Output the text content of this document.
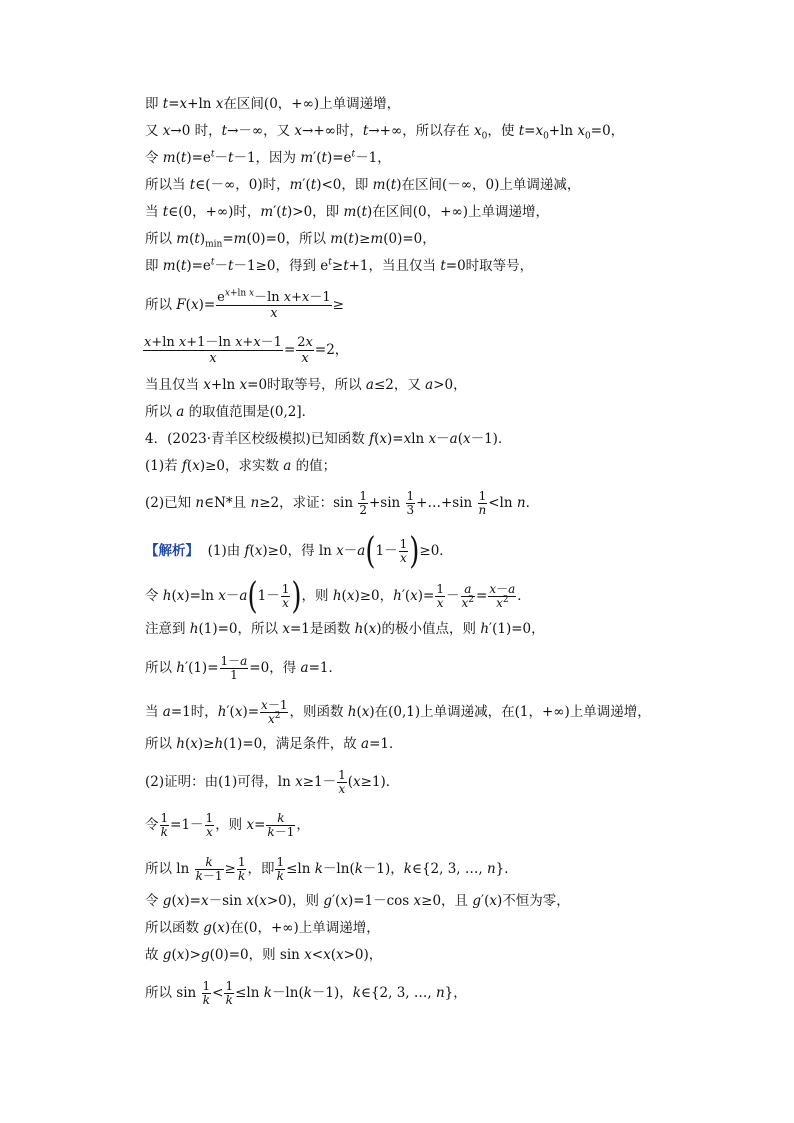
即 t=x+ln x在区间(0，+∞)上单调递增，
又 x→0 时，t→－∞，又 x→+∞时，t→+∞，所以存在 $x_0$，使 $t=x_0+\ln$ $x_0=0$，
令 $m(t)=e^t-t-1$，因为 $m'(t)=e^t-1$，
所以当 t∈(－∞，0)时，m′(t)<0，即 m(t)在区间(－∞，0)上单调递减，
当 t∈(0，+∞)时，m′(t)>0，即 m(t)在区间(0，+∞)上单调递增，
所以 $m(t)_{min}=m(0)=0$，所以 m(t)≥m(0)=0，
即 $m(t)=e^t-t-1\ge 0$，得到 $e^t\ge t+1$，当且仅当 t=0时取等号，
所以 $F(x)= \frac{e^{x+ln x}-\ln x+x-1}{x}$ ≥
$\frac{\text{x+ln x+1－ln x+x－1}}{x} = \frac{2x}{x} =2$，
当且仅当 x+ln x=0时取等号，所以 a≤2，又 a>0，
所以 a 的取值范围是(0,2]．
4．(2023·青羊区校级模拟)已知函数 f(x)=xln x－a(x－1)．
(1)若 f(x)≥0，求实数 a 的值；
(2)已知 n∈N*且 n≥2，求证：$\sin \frac{1}{2} +\sin \frac{1}{3}$ +…+sin $\frac{1}{n} <\ln$ n．
【解析】  (1)由 f(x)≥0，得 $\ln x-a(1- \frac{1}{x} )\ge 0$．
令 h(x)=ln $x-a(1- \frac{1}{x}$ )，则 h(x)≥0，$h'(x)= \frac{1}{x} - \frac{a}{x^2} = \frac{x-a}{x^2}$ ．
注意到 h(1)=0，所以 x=1是函数 h(x)的极小值点，则 h′(1)=0，
所以 $h'(1)= \frac{1-a}{1} =0$，得 a=1．
当 a=1时，$h'(x)= \frac{x-1}{x^2}$ ，则函数 h(x)在(0,1)上单调递减，在(1，+∞)上单调递增，
所以 h(x)≥h(1)=0，满足条件，故 a=1．
(2)证明：由(1)可得，$\ln x\ge 1- \frac{1}{x} (x\ge 1)$．
令 $\frac{1}{k} =1- \frac{1}{x}$ ，则 $x= \frac{k}{k-1}$ ，
所以 $\ln \frac{k}{k-1} \ge \frac{1}{k}$ ，即 $\frac{1}{k} \le\ln$ k－ln(k－1)，k∈{2, 3, …, n}．
令 g(x)=x－sin x(x>0)，则 g′(x)=1－cos x≥0，且 g′(x)不恒为零，
所以函数 g(x)在(0，+∞)上单调递增，
故 g(x)>g(0)=0，则 sin x<x(x>0)，
所以 $\sin \frac{1}{k} < \frac{1}{k} \le\ln$ k－ln(k－1)，k∈{2, 3, …, n}，
